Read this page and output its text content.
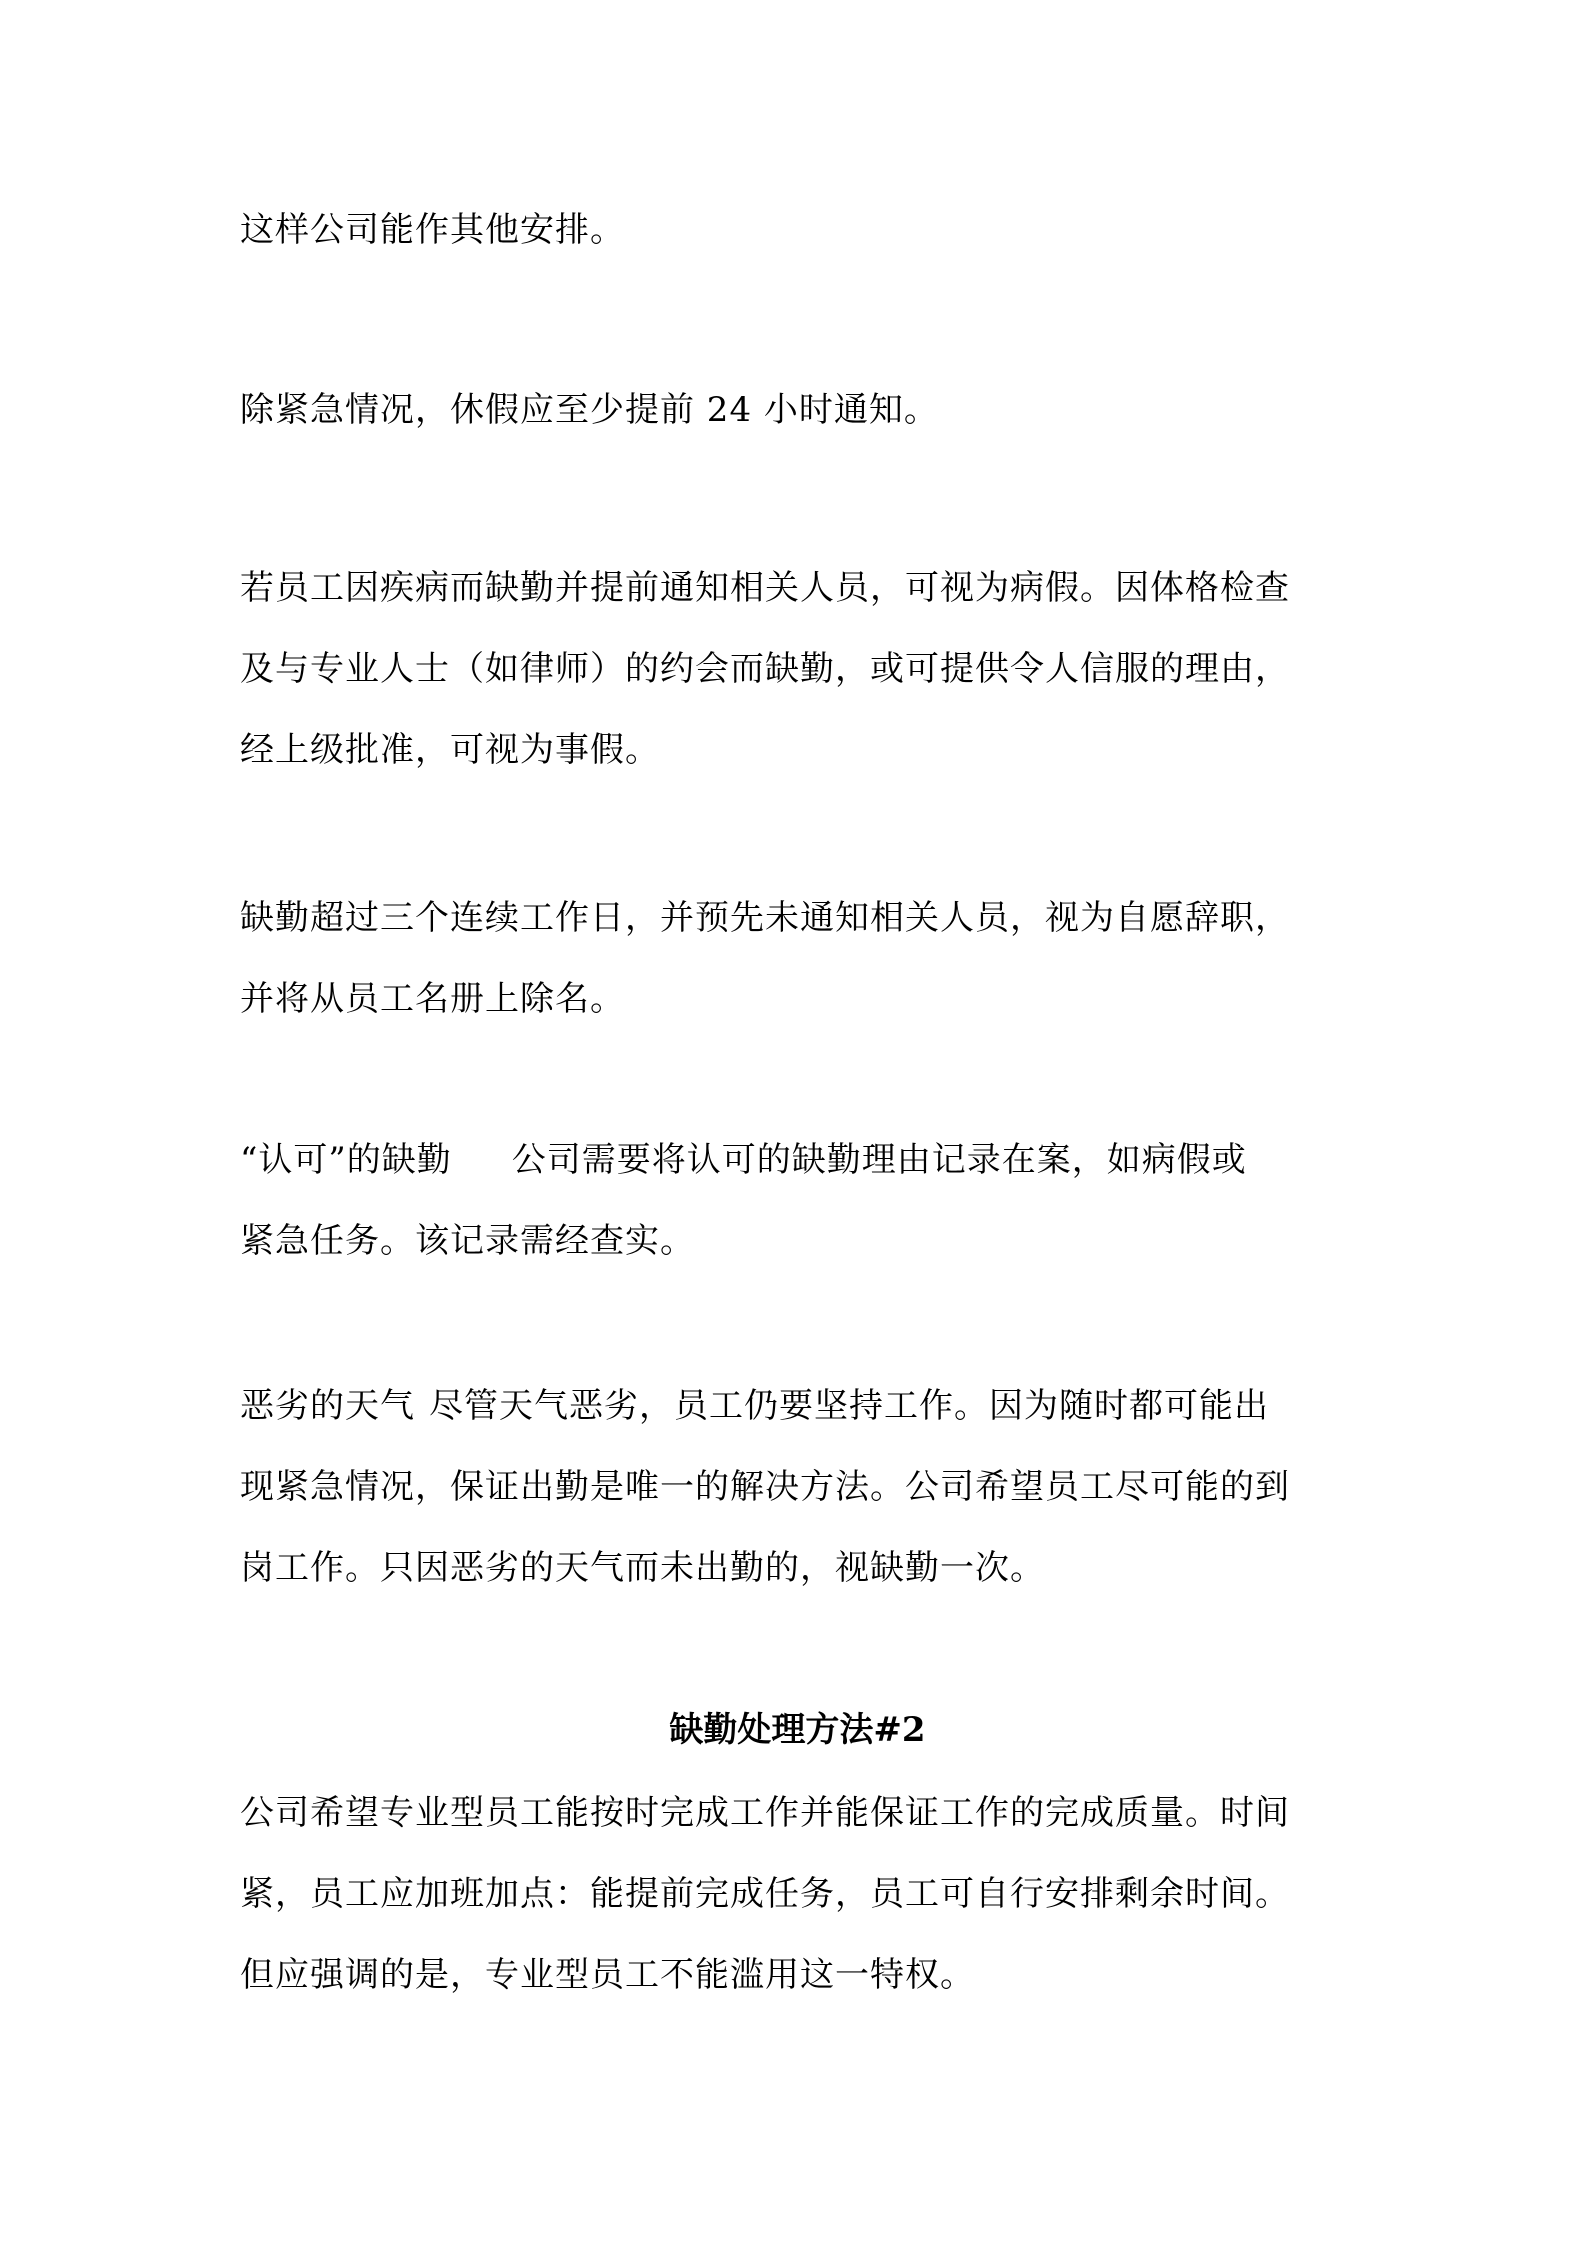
这样公司能作其他安排。

除紧急情况，休假应至少提前 24 小时通知。

若员工因疾病而缺勤并提前通知相关人员，可视为病假。因体格检查
及与专业人士（如律师）的约会而缺勤，或可提供令人信服的理由，
经上级批准，可视为事假。

缺勤超过三个连续工作日，并预先未通知相关人员，视为自愿辞职，
并将从员工名册上除名。

“认可”的缺勤 公司需要将认可的缺勤理由记录在案，如病假或
紧急任务。该记录需经查实。

恶劣的天气 尽管天气恶劣，员工仍要坚持工作。因为随时都可能出
现紧急情况，保证出勤是唯一的解决方法。公司希望员工尽可能的到
岗工作。只因恶劣的天气而未出勤的，视缺勤一次。

缺勤处理方法#2

公司希望专业型员工能按时完成工作并能保证工作的完成质量。时间
紧，员工应加班加点：能提前完成任务，员工可自行安排剩余时间。
但应强调的是，专业型员工不能滥用这一特权。
